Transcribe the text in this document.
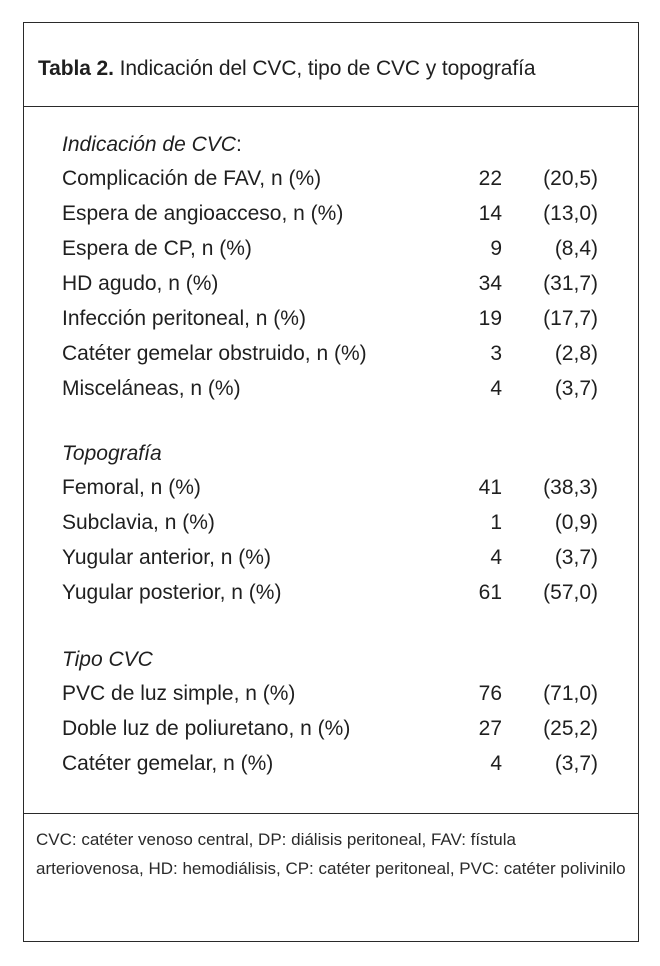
Tabla 2. Indicación del CVC, tipo de CVC y topografía
Indicación de CVC:
Complicación de FAV, n (%)	22 (20,5)
Espera de angioacceso, n (%)	14 (13,0)
Espera de CP, n (%)	9	(8,4)
HD agudo, n (%)	34 (31,7)
Infección peritoneal, n (%)	19 (17,7)
Catéter gemelar obstruido, n (%)	3	(2,8)
Misceláneas, n (%)	4	(3,7)
Topografía
Femoral, n (%)	41 (38,3)
Subclavia, n (%)	1	(0,9)
Yugular anterior, n (%)	4	(3,7)
Yugular posterior, n (%)	61 (57,0)
Tipo CVC
PVC de luz simple, n (%)	76 (71,0)
Doble luz de poliuretano, n (%)	27 (25,2)
Catéter gemelar, n (%)	4	(3,7)
CVC: catéter venoso central, DP: diálisis peritoneal, FAV: fístula arteriovenosa, HD: hemodiálisis, CP: catéter peritoneal, PVC: catéter polivinilo
